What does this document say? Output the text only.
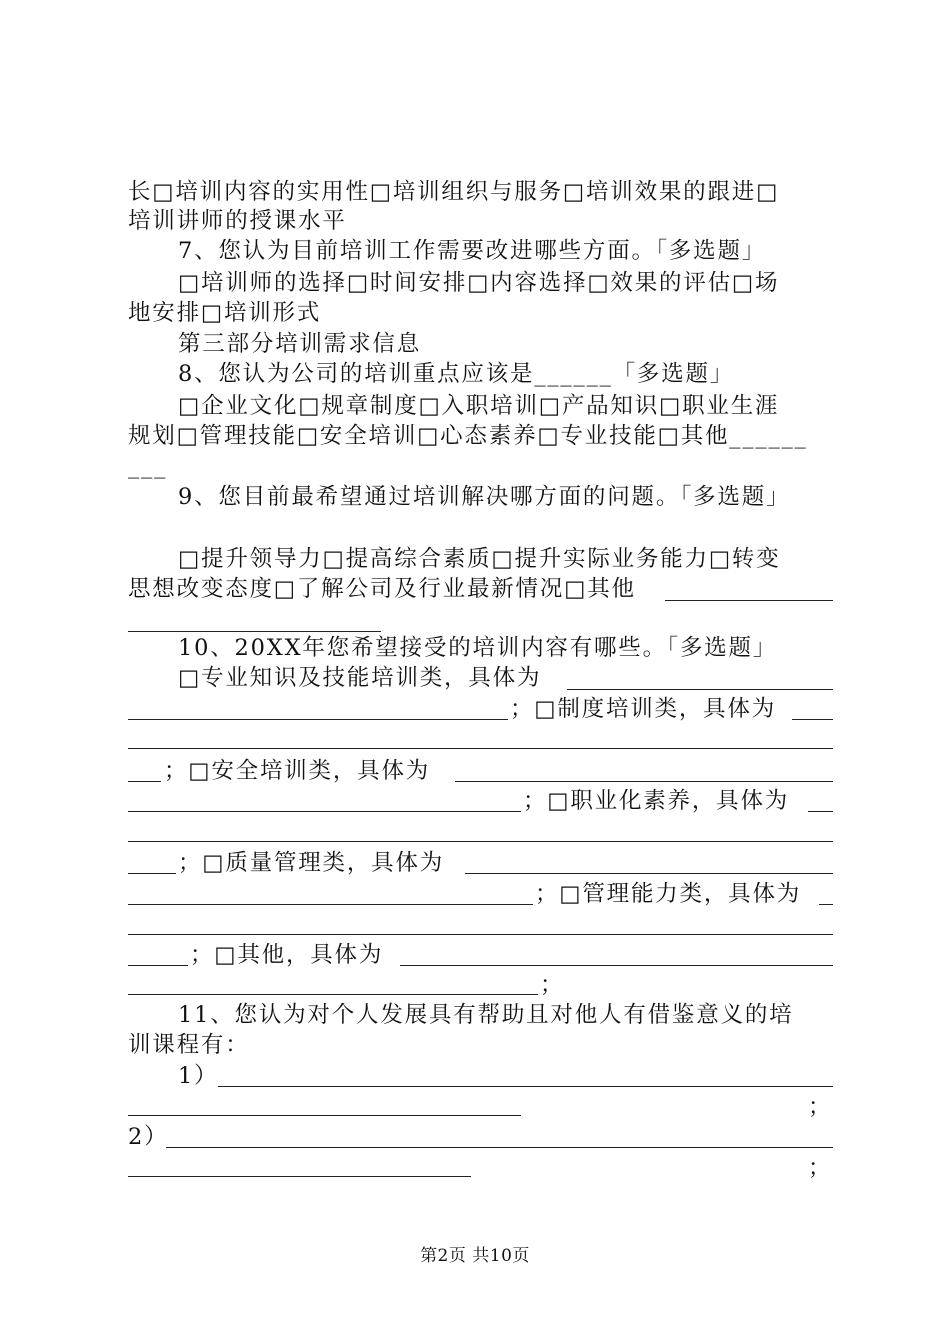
长□培训内容的实用性□培训组织与服务□培训效果的跟进□
培训讲师的授课水平
7、您认为目前培训工作需要改进哪些方面。「多选题」
□培训师的选择□时间安排□内容选择□效果的评估□场
地安排□培训形式
第三部分培训需求信息
8、您认为公司的培训重点应该是______「多选题」
□企业文化□规章制度□入职培训□产品知识□职业生涯
规划□管理技能□安全培训□心态素养□专业技能□其他______
___
9、您目前最希望通过培训解决哪方面的问题。「多选题」
□提升领导力□提高综合素质□提升实际业务能力□转变
思想改变态度□了解公司及行业最新情况□其他
10、20XX年您希望接受的培训内容有哪些。「多选题」
□专业知识及技能培训类，具体为
；□制度培训类，具体为
；□安全培训类，具体为
；□职业化素养，具体为
；□质量管理类，具体为
；□管理能力类，具体为
；□其他，具体为
；
11、您认为对个人发展具有帮助且对他人有借鉴意义的培
训课程有：
1）
；
2）
；
第2页 共10页
